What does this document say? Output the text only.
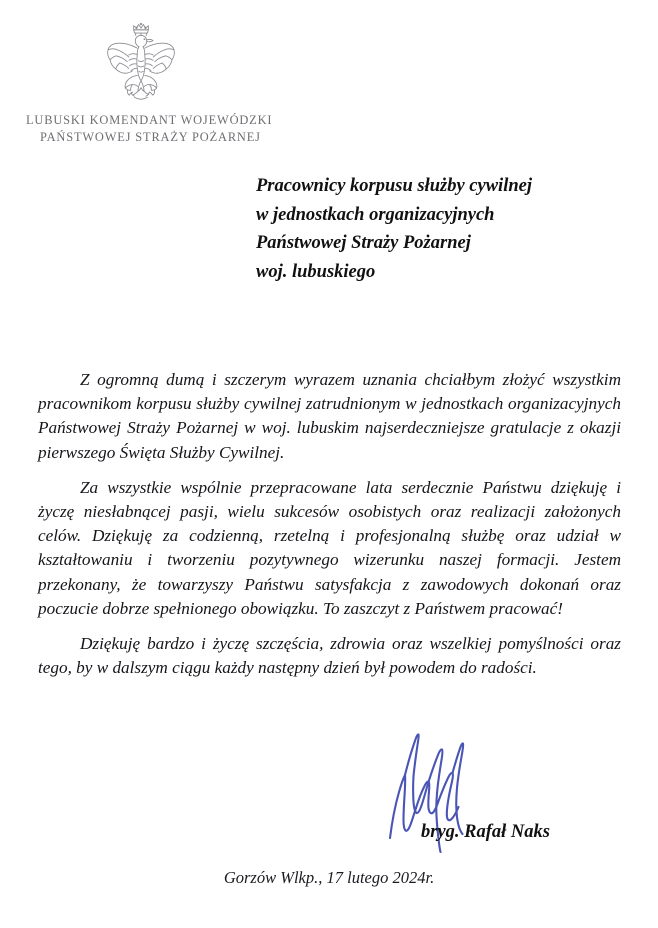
LUBUSKI KOMENDANT WOJEWÓDZKI
PAŃSTWOWEJ STRAŻY POŻARNEJ
Pracownicy korpusu służby cywilnej
w jednostkach organizacyjnych
Państwowej Straży Pożarnej
woj. lubuskiego

Z ogromną dumą i szczerym wyrazem uznania chciałbym złożyć wszystkim pracownikom korpusu służby cywilnej zatrudnionym w jednostkach organizacyjnych Państwowej Straży Pożarnej w woj. lubuskim najserdeczniejsze gratulacje z okazji pierwszego Święta Służby Cywilnej.

Za wszystkie wspólnie przepracowane lata serdecznie Państwu dziękuję i życzę niesłabnącej pasji, wielu sukcesów osobistych oraz realizacji założonych celów. Dziękuję za codzienną, rzetelną i profesjonalną służbę oraz udział w kształtowaniu i tworzeniu pozytywnego wizerunku naszej formacji. Jestem przekonany, że towarzyszy Państwu satysfakcja z zawodowych dokonań oraz poczucie dobrze spełnionego obowiązku. To zaszczyt z Państwem pracować!

Dziękuję bardzo i życzę szczęścia, zdrowia oraz wszelkiej pomyślności oraz tego, by w dalszym ciągu każdy następny dzień był powodem do radości.

bryg. Rafał Naks
Gorzów Wlkp., 17 lutego 2024r.
